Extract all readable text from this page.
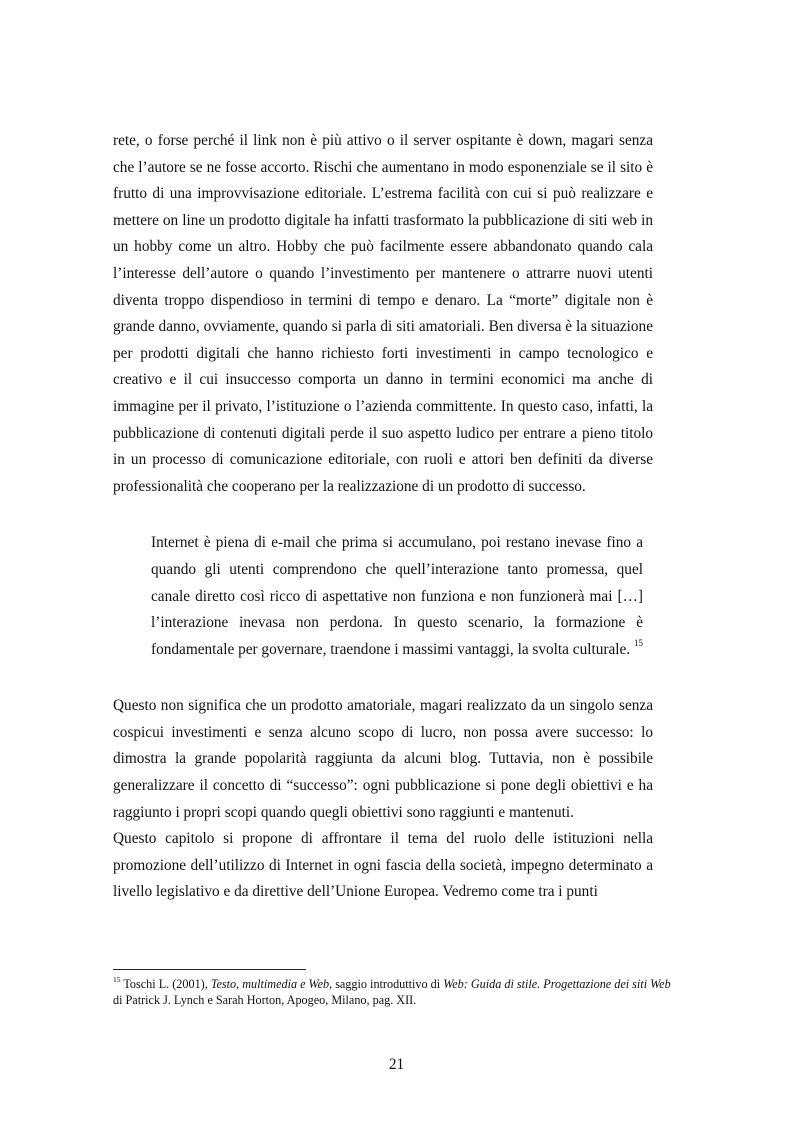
rete, o forse perché il link non è più attivo o il server ospitante è down, magari senza che l’autore se ne fosse accorto. Rischi che aumentano in modo esponenziale se il sito è frutto di una improvvisazione editoriale. L’estrema facilità con cui si può realizzare e mettere on line un prodotto digitale ha infatti trasformato la pubblicazione di siti web in un hobby come un altro. Hobby che può facilmente essere abbandonato quando cala l’interesse dell’autore o quando l’investimento per mantenere o attrarre nuovi utenti diventa troppo dispendioso in termini di tempo e denaro. La “morte” digitale non è grande danno, ovviamente, quando si parla di siti amatoriali. Ben diversa è la situazione per prodotti digitali che hanno richiesto forti investimenti in campo tecnologico e creativo e il cui insuccesso comporta un danno in termini economici ma anche di immagine per il privato, l’istituzione o l’azienda committente. In questo caso, infatti, la pubblicazione di contenuti digitali perde il suo aspetto ludico per entrare a pieno titolo in un processo di comunicazione editoriale, con ruoli e attori ben definiti da diverse professionalità che cooperano per la realizzazione di un prodotto di successo.

Internet è piena di e-mail che prima si accumulano, poi restano inevase fino a quando gli utenti comprendono che quell’interazione tanto promessa, quel canale diretto così ricco di aspettative non funziona e non funzionerà mai […] l’interazione inevasa non perdona. In questo scenario, la formazione è fondamentale per governare, traendone i massimi vantaggi, la svolta culturale. $^{15}$

Questo non significa che un prodotto amatoriale, magari realizzato da un singolo senza cospicui investimenti e senza alcuno scopo di lucro, non possa avere successo: lo dimostra la grande popolarità raggiunta da alcuni blog. Tuttavia, non è possibile generalizzare il concetto di “successo”: ogni pubblicazione si pone degli obiettivi e ha raggiunto i propri scopi quando quegli obiettivi sono raggiunti e mantenuti.

Questo capitolo si propone di affrontare il tema del ruolo delle istituzioni nella promozione dell’utilizzo di Internet in ogni fascia della società, impegno determinato a livello legislativo e da direttive dell’Unione Europea. Vedremo come tra i punti

$^{15}$ Toschi L. (2001), Testo, multimedia e Web, saggio introduttivo di Web: Guida di stile. Progettazione dei siti Web di Patrick J. Lynch e Sarah Horton, Apogeo, Milano, pag. XII.
21
